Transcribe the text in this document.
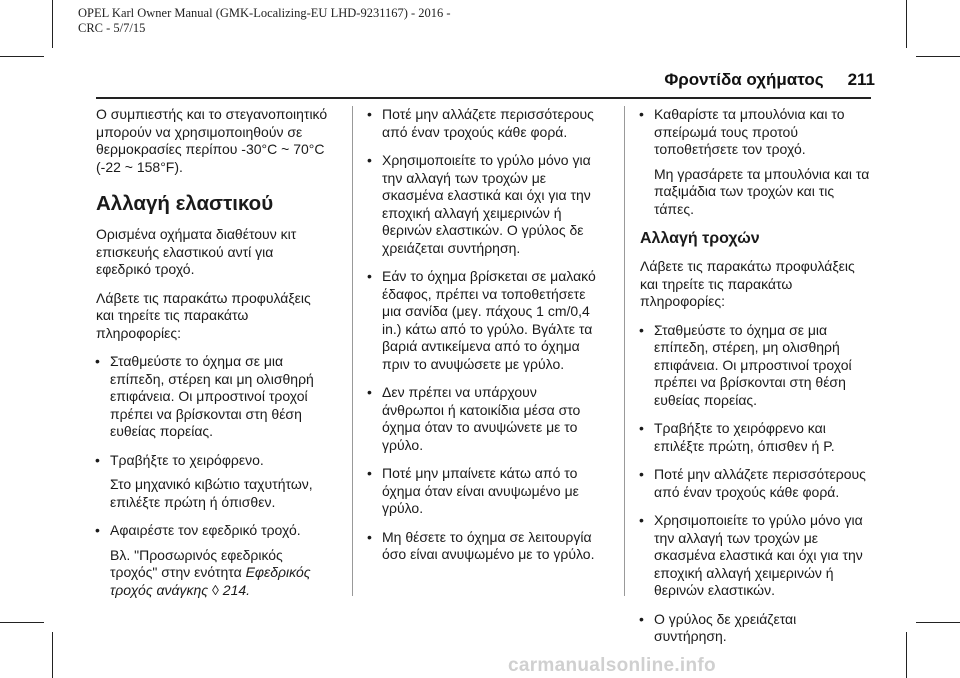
OPEL Karl Owner Manual (GMK-Localizing-EU LHD-9231167) - 2016 -
CRC - 5/7/15
Φροντίδα οχήματος 211

Ο συμπιεστής και το στεγανοποιητικό μπορούν να χρησιμοποιηθούν σε θερμοκρασίες περίπου -30°C ~ 70°C (-22 ~ 158°F).

Αλλαγή ελαστικού

Ορισμένα οχήματα διαθέτουν κιτ επισκευής ελαστικού αντί για εφεδρικό τροχό.

Λάβετε τις παρακάτω προφυλάξεις και τηρείτε τις παρακάτω πληροφορίες:

• Σταθμεύστε το όχημα σε μια επίπεδη, στέρεη και μη ολισθηρή επιφάνεια. Οι μπροστινοί τροχοί πρέπει να βρίσκονται στη θέση ευθείας πορείας.

• Τραβήξτε το χειρόφρενο.

Στο μηχανικό κιβώτιο ταχυτήτων, επιλέξτε πρώτη ή όπισθεν.

• Αφαιρέστε τον εφεδρικό τροχό.

Βλ. "Προσωρινός εφεδρικός τροχός" στην ενότητα Εφεδρικός τροχός ανάγκης ◊ 214.

• Ποτέ μην αλλάζετε περισσότερους από έναν τροχούς κάθε φορά.

• Χρησιμοποιείτε το γρύλο μόνο για την αλλαγή των τροχών με σκασμένα ελαστικά και όχι για την εποχική αλλαγή χειμερινών ή θερινών ελαστικών. Ο γρύλος δε χρειάζεται συντήρηση.

• Εάν το όχημα βρίσκεται σε μαλακό έδαφος, πρέπει να τοποθετήσετε μια σανίδα (μεγ. πάχους 1 cm/0,4 in.) κάτω από το γρύλο. Βγάλτε τα βαριά αντικείμενα από το όχημα πριν το ανυψώσετε με γρύλο.

• Δεν πρέπει να υπάρχουν άνθρωποι ή κατοικίδια μέσα στο όχημα όταν το ανυψώνετε με το γρύλο.

• Ποτέ μην μπαίνετε κάτω από το όχημα όταν είναι ανυψωμένο με γρύλο.

• Μη θέσετε το όχημα σε λειτουργία όσο είναι ανυψωμένο με το γρύλο.

• Καθαρίστε τα μπουλόνια και το σπείρωμά τους προτού τοποθετήσετε τον τροχό.

Μη γρασάρετε τα μπουλόνια και τα παξιμάδια των τροχών και τις τάπες.

Αλλαγή τροχών

Λάβετε τις παρακάτω προφυλάξεις και τηρείτε τις παρακάτω πληροφορίες:

• Σταθμεύστε το όχημα σε μια επίπεδη, στέρεη, μη ολισθηρή επιφάνεια. Οι μπροστινοί τροχοί πρέπει να βρίσκονται στη θέση ευθείας πορείας.

• Τραβήξτε το χειρόφρενο και επιλέξτε πρώτη, όπισθεν ή P.

• Ποτέ μην αλλάζετε περισσότερους από έναν τροχούς κάθε φορά.

• Χρησιμοποιείτε το γρύλο μόνο για την αλλαγή των τροχών με σκασμένα ελαστικά και όχι για την εποχική αλλαγή χειμερινών ή θερινών ελαστικών.

• Ο γρύλος δε χρειάζεται συντήρηση.

carmanualsonline.info
